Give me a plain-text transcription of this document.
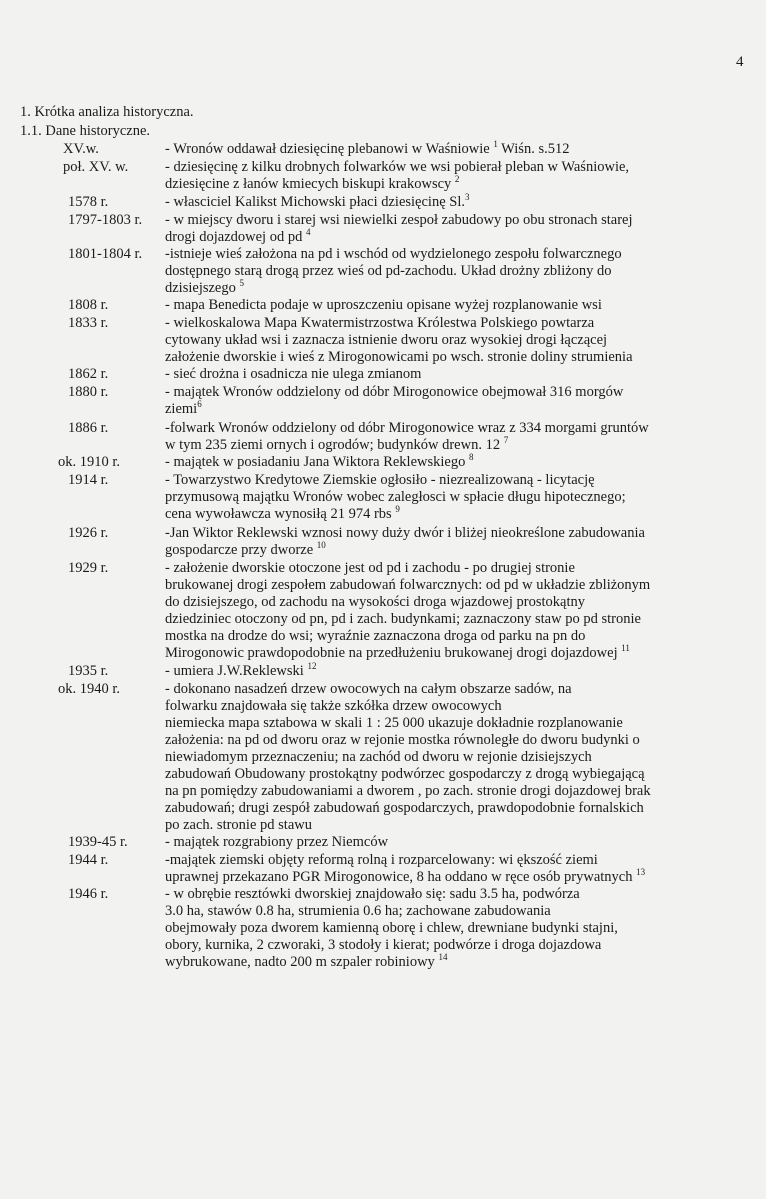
4
1. Krótka analiza historyczna.
1.1. Dane historyczne.
XV.w.	- Wronów oddawał dziesięcinę plebanowi w Waśniowie $^1$ Wiśn. s.512

poł. XV. w.	- dziesięcinę z kilku drobnych folwarków we wsi pobierał pleban w Waśniowie,

dziesięcine z łanów kmiecych biskupi krakowscy $^2$

1578 r.	- własciciel Kalikst Michowski płaci dziesięcinę Sl.$^3$

1797-1803 r.	- w miejscy dworu i starej wsi niewielki zespoł zabudowy po obu stronach starej

drogi dojazdowej od pd $^4$

1801-1804 r.	-istnieje wieś założona na pd i wschód od wydzielonego zespołu folwarcznego

dostępnego starą drogą przez wieś od pd-zachodu. Układ drożny zbliżony do

dzisiejszego $^5$

1808 r.	- mapa Benedicta podaje w uproszczeniu opisane wyżej rozplanowanie wsi

1833 r.	- wielkoskalowa Mapa Kwatermistrzostwa Królestwa Polskiego powtarza

cytowany układ wsi i zaznacza istnienie dworu oraz wysokiej drogi łączącej

założenie dworskie i wieś z Mirogonowicami po wsch. stronie doliny strumienia

1862 r.	- sieć drożna i osadnicza nie ulega zmianom

1880 r.	- majątek Wronów oddzielony od dóbr Mirogonowice obejmował 316 morgów

ziemi$^6$

1886 r.	-folwark Wronów oddzielony od dóbr Mirogonowice wraz z 334 morgami gruntów

w tym 235 ziemi ornych i ogrodów; budynków drewn. 12 $^7$

ok. 1910 r.	- majątek w posiadaniu Jana Wiktora Reklewskiego $^8$

1914 r.	- Towarzystwo Kredytowe Ziemskie ogłosiło - niezrealizowaną - licytację

przymusową majątku Wronów wobec zaległosci w spłacie długu hipotecznego;

cena wywoławcza wynosiłą 21 974 rbs $^9$

1926 r.	-Jan Wiktor Reklewski wznosi nowy duży dwór i bliżej nieokreślone zabudowania

gospodarcze przy dworze $^{10}$

1929 r.	- założenie dworskie otoczone jest od pd i zachodu - po drugiej stronie

brukowanej drogi zespołem zabudowań folwarcznych: od pd w układzie zbliżonym

do dzisiejszego, od zachodu na wysokości droga wjazdowej prostokątny

dziedziniec otoczony od pn, pd i zach. budynkami; zaznaczony staw po pd stronie

mostka na drodze do wsi; wyraźnie zaznaczona droga od parku na pn do

Mirogonowic prawdopodobnie na przedłużeniu brukowanej drogi dojazdowej $^{11}$

1935 r.	- umiera J.W.Reklewski $^{12}$

ok. 1940 r.	- dokonano nasadzeń drzew owocowych na całym obszarze sadów, na

folwarku znajdowała się także szkółka drzew owocowych

niemiecka mapa sztabowa w skali 1 : 25 000 ukazuje dokładnie rozplanowanie

założenia: na pd od dworu oraz w rejonie mostka równoległe do dworu budynki o

niewiadomym przeznaczeniu; na zachód od dworu w rejonie dzisiejszych

zabudowań Obudowany prostokątny podwórzec gospodarczy z drogą wybiegającą

na pn pomiędzy zabudowaniami a dworem , po zach. stronie drogi dojazdowej brak

zabudowań; drugi zespół zabudowań gospodarczych, prawdopodobnie fornalskich

po zach. stronie pd stawu

1939-45 r.	- majątek rozgrabiony przez Niemców

1944 r.	-majątek ziemski objęty reformą rolną i rozparcelowany: wi ększość ziemi

uprawnej przekazano PGR Mirogonowice, 8 ha oddano w ręce osób prywatnych $^{13}$

1946 r.	- w obrębie resztówki dworskiej znajdowało się: sadu 3.5 ha, podwórza

3.0 ha, stawów 0.8 ha, strumienia 0.6 ha; zachowane zabudowania

obejmowały poza dworem kamienną oborę i chlew, drewniane budynki stajni,

obory, kurnika, 2 czworaki, 3 stodoły i kierat; podwórze i droga dojazdowa

wybrukowane, nadto 200 m szpaler robiniowy $^{14}$
